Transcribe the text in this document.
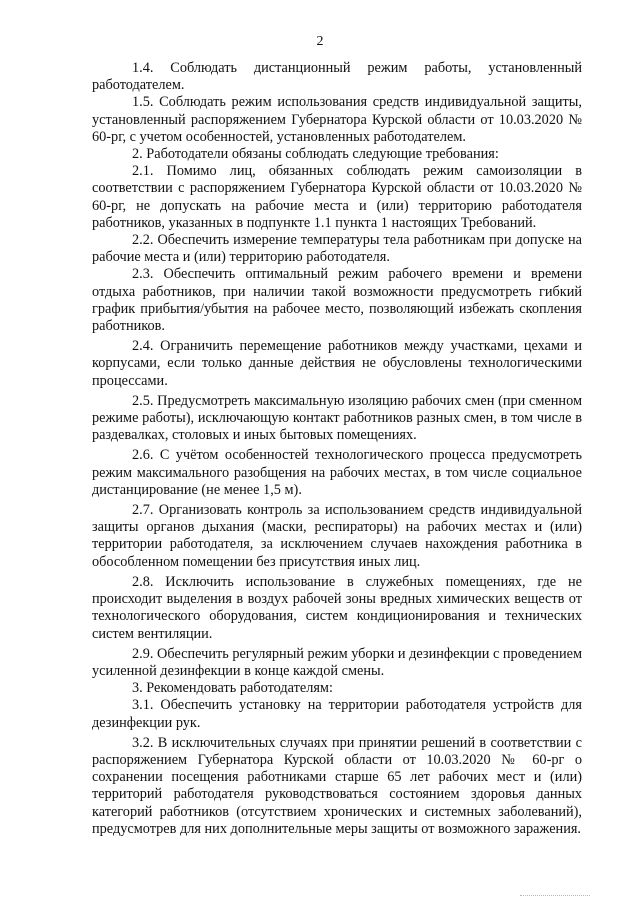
2

1.4. Соблюдать дистанционный режим работы, установленный работодателем.

1.5. Соблюдать режим использования средств индивидуальной защиты, установленный распоряжением Губернатора Курской области от 10.03.2020 № 60-рг, с учетом особенностей, установленных работодателем.

2. Работодатели обязаны соблюдать следующие требования:

2.1. Помимо лиц, обязанных соблюдать режим самоизоляции в соответствии с распоряжением Губернатора Курской области от 10.03.2020 № 60-рг, не допускать на рабочие места и (или) территорию работодателя работников, указанных в подпункте 1.1 пункта 1 настоящих Требований.

2.2. Обеспечить измерение температуры тела работникам при допуске на рабочие места и (или) территорию работодателя.

2.3. Обеспечить оптимальный режим рабочего времени и времени отдыха работников, при наличии такой возможности предусмотреть гибкий график прибытия/убытия на рабочее место, позволяющий избежать скопления работников.

2.4. Ограничить перемещение работников между участками, цехами и корпусами, если только данные действия не обусловлены технологическими процессами.

2.5. Предусмотреть максимальную изоляцию рабочих смен (при сменном режиме работы), исключающую контакт работников разных смен, в том числе в раздевалках, столовых и иных бытовых помещениях.

2.6. С учётом особенностей технологического процесса предусмотреть режим максимального разобщения на рабочих местах, в том числе социальное дистанцирование (не менее 1,5 м).

2.7. Организовать контроль за использованием средств индивидуальной защиты органов дыхания (маски, респираторы) на рабочих местах и (или) территории работодателя, за исключением случаев нахождения работника в обособленном помещении без присутствия иных лиц.

2.8. Исключить использование в служебных помещениях, где не происходит выделения в воздух рабочей зоны вредных химических веществ от технологического оборудования, систем кондиционирования и технических систем вентиляции.

2.9. Обеспечить регулярный режим уборки и дезинфекции с проведением усиленной дезинфекции в конце каждой смены.

3. Рекомендовать работодателям:

3.1. Обеспечить установку на территории работодателя устройств для дезинфекции рук.

3.2. В исключительных случаях при принятии решений в соответствии с распоряжением Губернатора Курской области от 10.03.2020 № 60-рг о сохранении посещения работниками старше 65 лет рабочих мест и (или) территорий работодателя руководствоваться состоянием здоровья данных категорий работников (отсутствием хронических и системных заболеваний), предусмотрев для них дополнительные меры защиты от возможного заражения.
